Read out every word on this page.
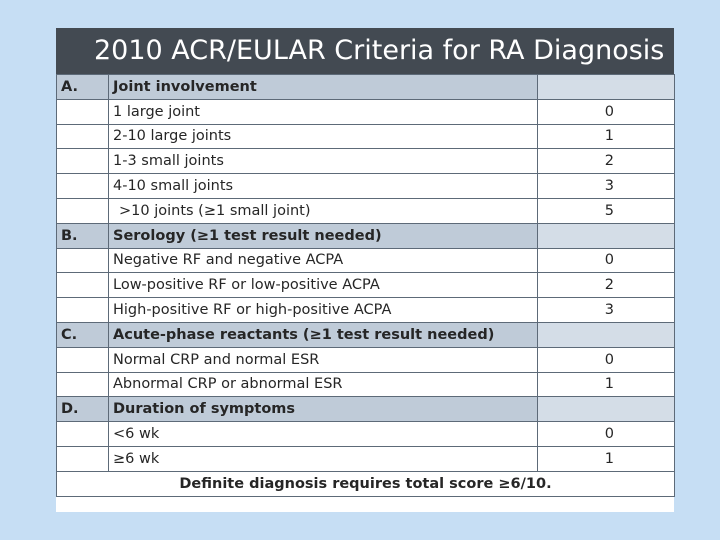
2010 ACR/EULAR Criteria for RA Diagnosis
A.	Joint involvement	
	1 large joint	0
	2-10 large joints	1
	1-3 small joints	2
	4-10 small joints	3
	>10 joints (≥1 small joint)	5
B.	Serology (≥1 test result needed)	
	Negative RF and negative ACPA	0
	Low-positive RF or low-positive ACPA	2
	High-positive RF or high-positive ACPA	3
C.	Acute-phase reactants (≥1 test result needed)	
	Normal CRP and normal ESR	0
	Abnormal CRP or abnormal ESR	1
D.	Duration of symptoms	
	<6 wk	0
	≥6 wk	1
Definite diagnosis requires total score ≥6/10.		
